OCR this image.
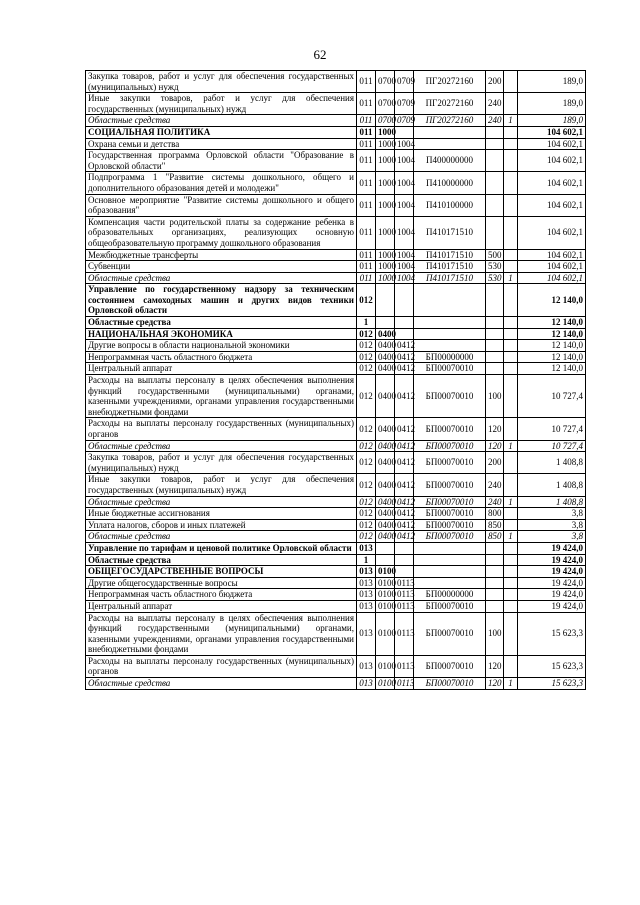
62
Закупка товаров, работ и услуг для обеспечения государственных (муниципальных) нужд	011	0700	0709	ПГ20272160	200		189,0
Иные закупки товаров, работ и услуг для обеспечения государственных (муниципальных) нужд	011	0700	0709	ПГ20272160	240		189,0
Областные средства	011	0700	0709	ПГ20272160	240	1	189,0
СОЦИАЛЬНАЯ ПОЛИТИКА	011	1000					104 602,1
Охрана семьи и детства	011	1000	1004				104 602,1
Государственная программа Орловской области "Образование в Орловской области"	011	1000	1004	П400000000			104 602,1
Подпрограмма 1 "Развитие системы дошкольного, общего и дополнительного образования детей и молодежи"	011	1000	1004	П410000000			104 602,1
Основное мероприятие "Развитие системы дошкольного и общего образования"	011	1000	1004	П410100000			104 602,1
Компенсация части родительской платы за содержание ребенка в образовательных организациях, реализующих основную общеобразовательную программу дошкольного образования	011	1000	1004	П410171510			104 602,1
Межбюджетные трансферты	011	1000	1004	П410171510	500		104 602,1
Субвенции	011	1000	1004	П410171510	530		104 602,1
Областные средства	011	1000	1004	П410171510	530	1	104 602,1
Управление по государственному надзору за техническим состоянием самоходных машин и других видов техники Орловской области	012						12 140,0
Областные средства	1						12 140,0
НАЦИОНАЛЬНАЯ ЭКОНОМИКА	012	0400					12 140,0
Другие вопросы в области национальной экономики	012	0400	0412				12 140,0
Непрограммная часть областного бюджета	012	0400	0412	БП00000000			12 140,0
Центральный аппарат	012	0400	0412	БП00070010			12 140,0
Расходы на выплаты персоналу в целях обеспечения выполнения функций государственными (муниципальными) органами, казенными учреждениями, органами управления государственными внебюджетными фондами	012	0400	0412	БП00070010	100		10 727,4
Расходы на выплаты персоналу государственных (муниципальных) органов	012	0400	0412	БП00070010	120		10 727,4
Областные средства	012	0400	0412	БП00070010	120	1	10 727,4
Закупка товаров, работ и услуг для обеспечения государственных (муниципальных) нужд	012	0400	0412	БП00070010	200		1 408,8
Иные закупки товаров, работ и услуг для обеспечения государственных (муниципальных) нужд	012	0400	0412	БП00070010	240		1 408,8
Областные средства	012	0400	0412	БП00070010	240	1	1 408,8
Иные бюджетные ассигнования	012	0400	0412	БП00070010	800		3,8
Уплата налогов, сборов и иных платежей	012	0400	0412	БП00070010	850		3,8
Областные средства	012	0400	0412	БП00070010	850	1	3,8
Управление по тарифам и ценовой политике Орловской области	013						19 424,0
Областные средства	1						19 424,0
ОБЩЕГОСУДАРСТВЕННЫЕ ВОПРОСЫ	013	0100					19 424,0
Другие общегосударственные вопросы	013	0100	0113				19 424,0
Непрограммная часть областного бюджета	013	0100	0113	БП00000000			19 424,0
Центральный аппарат	013	0100	0113	БП00070010			19 424,0
Расходы на выплаты персоналу в целях обеспечения выполнения функций государственными (муниципальными) органами, казенными учреждениями, органами управления государственными внебюджетными фондами	013	0100	0113	БП00070010	100		15 623,3
Расходы на выплаты персоналу государственных (муниципальных) органов	013	0100	0113	БП00070010	120		15 623,3
Областные средства	013	0100	0113	БП00070010	120	1	15 623,3
